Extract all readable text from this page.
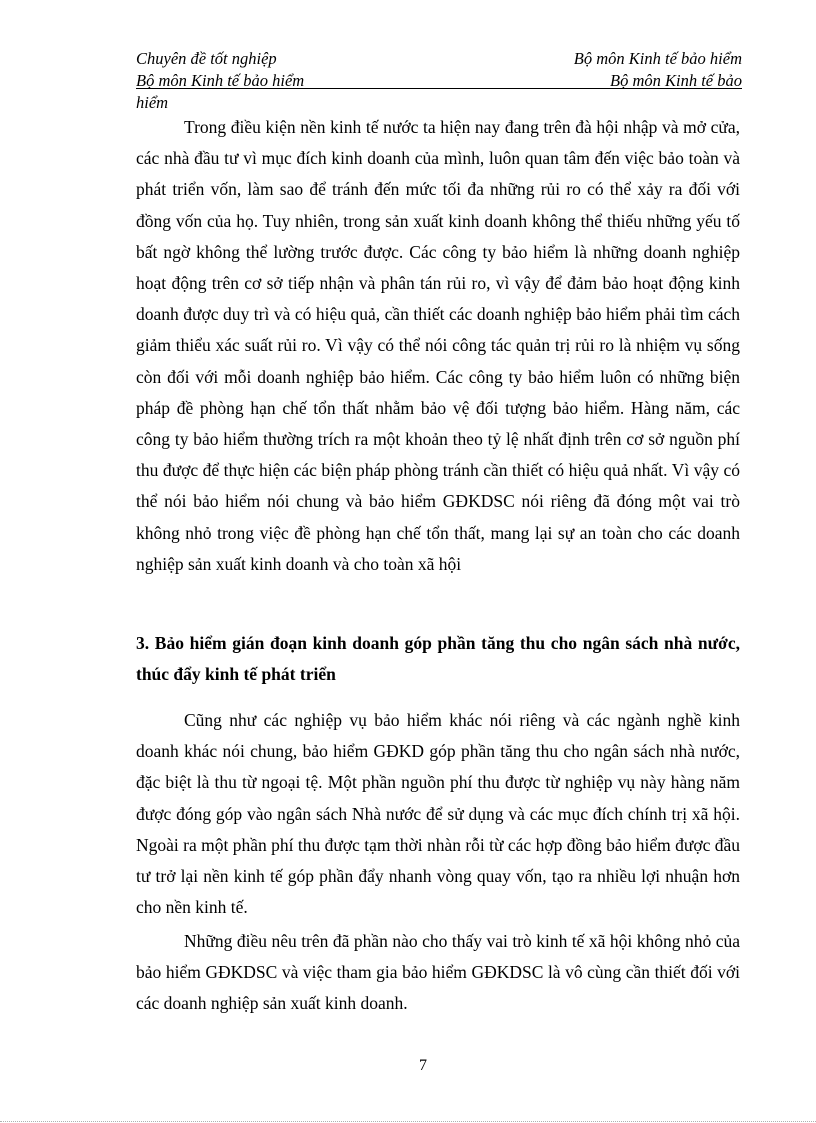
Chuyên đề tốt nghiệp	Bộ môn Kinh tế bảo hiểm
Bộ môn Kinh tế bảo hiểm	Bộ môn Kinh tế bảo
hiểm

Trong điều kiện nền kinh tế nước ta hiện nay đang trên đà hội nhập và mở cửa, các nhà đầu tư vì mục đích kinh doanh của mình, luôn quan tâm đến việc bảo toàn và phát triển vốn, làm sao để tránh đến mức tối đa những rủi ro có thể xảy ra đối với đồng vốn của họ. Tuy nhiên, trong sản xuất kinh doanh không thể thiếu những yếu tố bất ngờ không thể lường trước được. Các công ty bảo hiểm là những doanh nghiệp hoạt động trên cơ sở tiếp nhận và phân tán rủi ro, vì vậy để đảm bảo hoạt động kinh doanh được duy trì và có hiệu quả, cần thiết các doanh nghiệp bảo hiểm phải tìm cách giảm thiểu xác suất rủi ro. Vì vậy có thể nói công tác quản trị rủi ro là nhiệm vụ sống còn đối với mỗi doanh nghiệp bảo hiểm. Các công ty bảo hiểm luôn có những biện pháp đề phòng hạn chế tổn thất nhằm bảo vệ đối tượng bảo hiểm. Hàng năm, các công ty bảo hiểm thường trích ra một khoản theo tỷ lệ nhất định trên cơ sở nguồn phí thu được để thực hiện các biện pháp phòng tránh cần thiết có hiệu quả nhất. Vì vậy có thể nói bảo hiểm nói chung và bảo hiểm GĐKDSC nói riêng đã đóng một vai trò không nhỏ trong việc đề phòng hạn chế tổn thất, mang lại sự an toàn cho các doanh nghiệp sản xuất kinh doanh và cho toàn xã hội

3. Bảo hiểm gián đoạn kinh doanh góp phần tăng thu cho ngân sách nhà nước, thúc đẩy kinh tế phát triển

Cũng như các nghiệp vụ bảo hiểm khác nói riêng và các ngành nghề kinh doanh khác nói chung, bảo hiểm GĐKD góp phần tăng thu cho ngân sách nhà nước, đặc biệt là thu từ ngoại tệ. Một phần nguồn phí thu được từ nghiệp vụ này hàng năm được đóng góp vào ngân sách Nhà nước để sử dụng và các mục đích chính trị xã hội. Ngoài ra một phần phí thu được tạm thời nhàn rỗi từ các hợp đồng bảo hiểm được đầu tư trở lại nền kinh tế góp phần đẩy nhanh vòng quay vốn, tạo ra nhiều lợi nhuận hơn cho nền kinh tế.

Những điều nêu trên đã phần nào cho thấy vai trò kinh tế xã hội không nhỏ của bảo hiểm GĐKDSC và việc tham gia bảo hiểm GĐKDSC là vô cùng cần thiết đối với các doanh nghiệp sản xuất kinh doanh.

7
